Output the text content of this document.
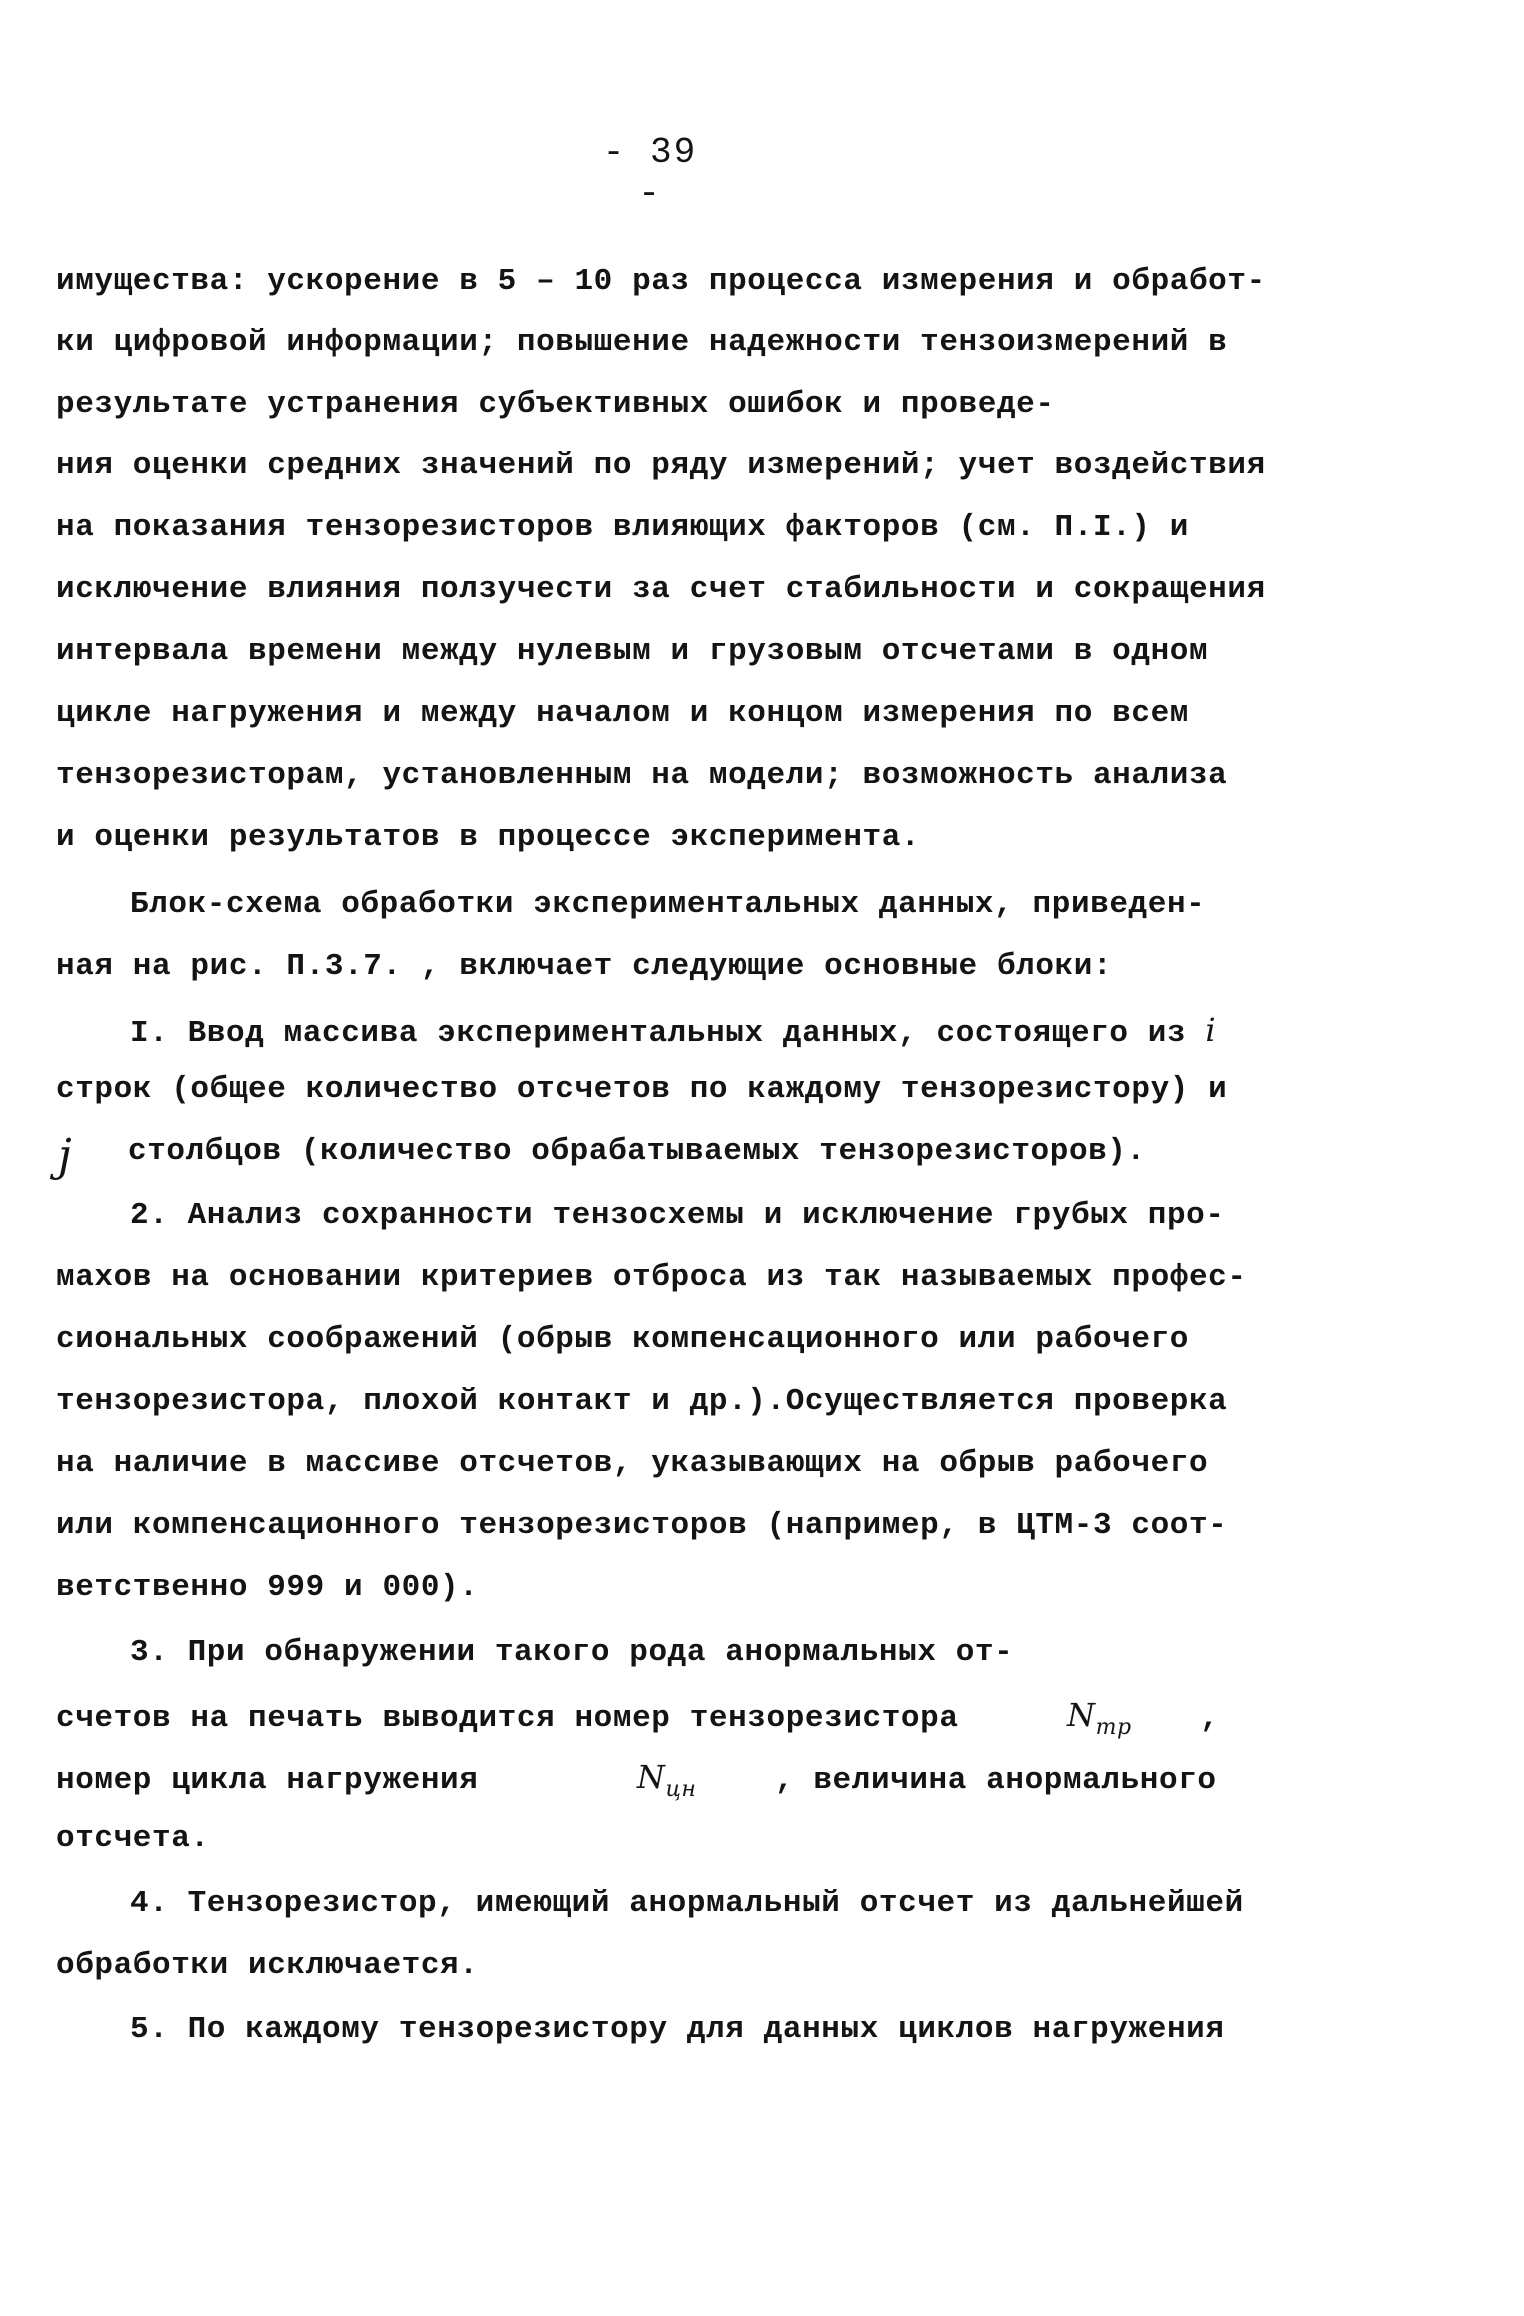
- 39 -
имущества: ускорение в 5 – 10 раз процесса измерения и обработ-
ки цифровой информации; повышение надежности тензоизмерений в
результате устранения субъективных ошибок и проведе-
ния оценки средних значений по ряду измерений; учет воздействия
на показания тензорезисторов влияющих факторов (см. П.I.) и
исключение влияния ползучести за счет стабильности и сокращения
интервала времени между нулевым и грузовым отсчетами в одном
цикле нагружения и между началом и концом измерения по всем
тензорезисторам, установленным на модели; возможность анализа
и оценки результатов в процессе эксперимента.
Блок-схема обработки экспериментальных данных, приведен-
ная на рис. П.3.7. , включает следующие основные блоки:
I. Ввод массива экспериментальных данных, состоящего из i
строк (общее количество отсчетов по каждому тензорезистору) и
j столбцов (количество обрабатываемых тензорезисторов).
2. Анализ сохранности тензосхемы и исключение грубых про-
махов на основании критериев отброса из так называемых профес-
сиональных соображений (обрыв компенсационного или рабочего
тензорезистора, плохой контакт и др.).Осуществляется проверка
на наличие в массиве отсчетов, указывающих на обрыв рабочего
или компенсационного тензорезисторов (например, в ЦТМ-3 соот-
ветственно 999 и 000).
3. При обнаружении такого рода анормальных от-
счетов на печать выводится номер тензорезистора	$N_{тр}$ ,
номер цикла нагружения	$N_{цн}$	, величина анормального
отсчета.
4. Тензорезистор, имеющий анормальный отсчет из дальнейшей
обработки исключается.
5. По каждому тензорезистору для данных циклов нагружения
